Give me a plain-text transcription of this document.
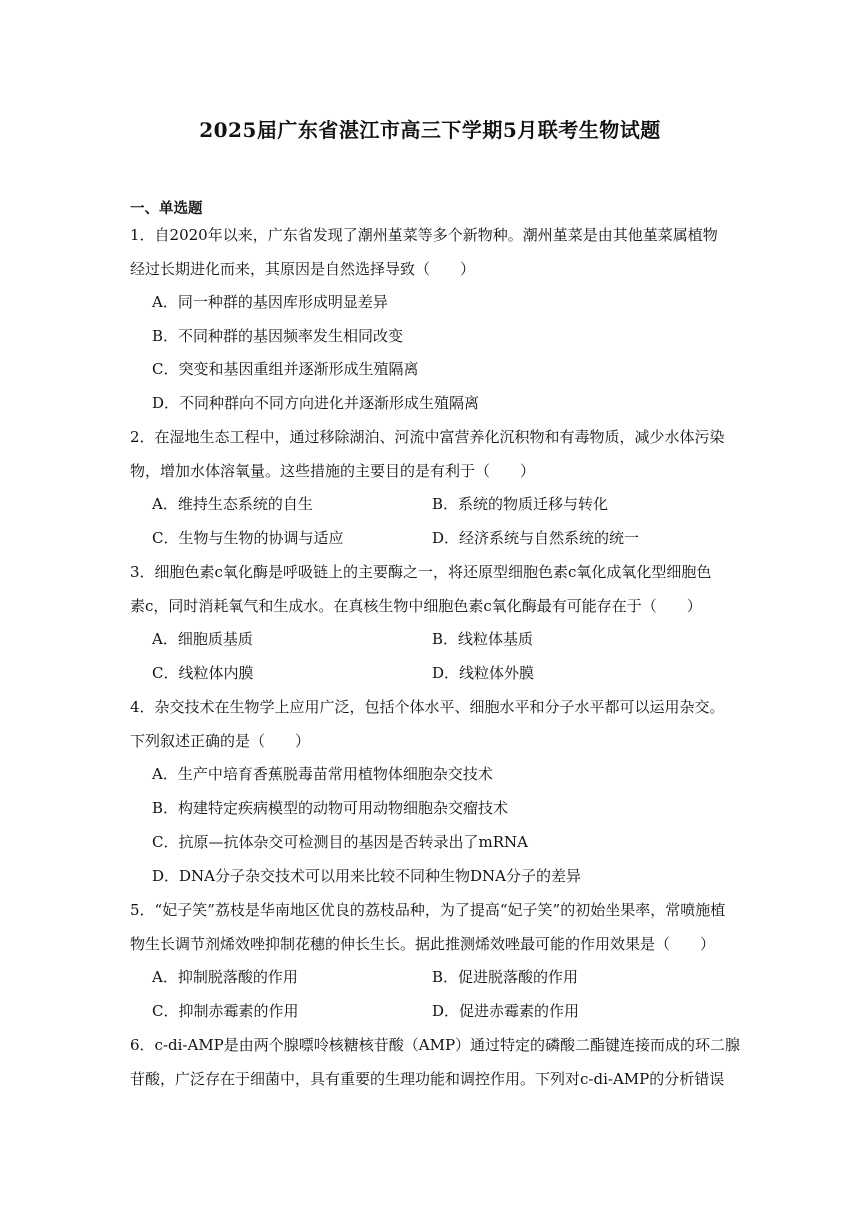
2025届广东省湛江市高三下学期5月联考生物试题
一、单选题
1．自2020年以来，广东省发现了潮州堇菜等多个新物种。潮州堇菜是由其他堇菜属植物
经过长期进化而来，其原因是自然选择导致（　　）
A．同一种群的基因库形成明显差异
B．不同种群的基因频率发生相同改变
C．突变和基因重组并逐渐形成生殖隔离
D．不同种群向不同方向进化并逐渐形成生殖隔离
2．在湿地生态工程中，通过移除湖泊、河流中富营养化沉积物和有毒物质，减少水体污染
物，增加水体溶氧量。这些措施的主要目的是有利于（　　）
A．维持生态系统的自生	B．系统的物质迁移与转化
C．生物与生物的协调与适应	D．经济系统与自然系统的统一
3．细胞色素c氧化酶是呼吸链上的主要酶之一，将还原型细胞色素c氧化成氧化型细胞色
素c，同时消耗氧气和生成水。在真核生物中细胞色素c氧化酶最有可能存在于（　　）
A．细胞质基质	B．线粒体基质
C．线粒体内膜	D．线粒体外膜
4．杂交技术在生物学上应用广泛，包括个体水平、细胞水平和分子水平都可以运用杂交。
下列叙述正确的是（　　）
A．生产中培育香蕉脱毒苗常用植物体细胞杂交技术
B．构建特定疾病模型的动物可用动物细胞杂交瘤技术
C．抗原—抗体杂交可检测目的基因是否转录出了mRNA
D．DNA分子杂交技术可以用来比较不同种生物DNA分子的差异
5．“妃子笑”荔枝是华南地区优良的荔枝品种，为了提高“妃子笑”的初始坐果率，常喷施植
物生长调节剂烯效唑抑制花穗的伸长生长。据此推测烯效唑最可能的作用效果是（　　）
A．抑制脱落酸的作用	B．促进脱落酸的作用
C．抑制赤霉素的作用	D．促进赤霉素的作用
6．c-di-AMP是由两个腺嘌呤核糖核苷酸（AMP）通过特定的磷酸二酯键连接而成的环二腺
苷酸，广泛存在于细菌中，具有重要的生理功能和调控作用。下列对c-di-AMP的分析错误
